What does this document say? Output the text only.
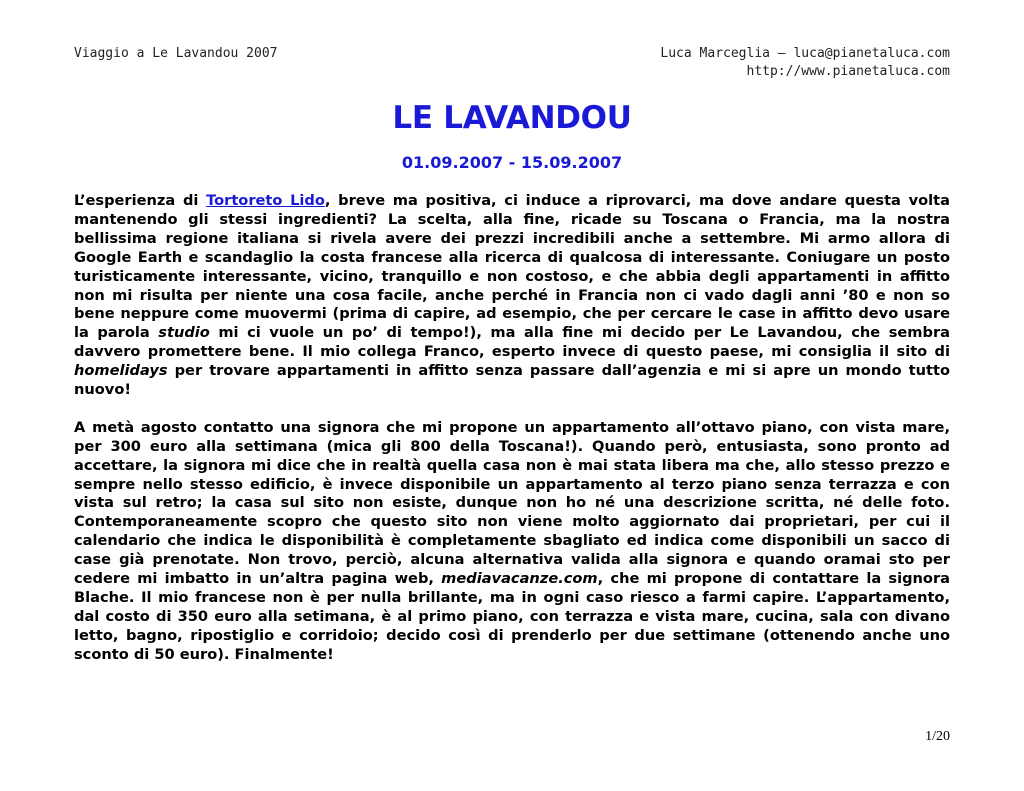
Viaggio a Le Lavandou 2007	Luca Marceglia – luca@pianetaluca.com
http://www.pianetaluca.com
LE LAVANDOU
01.09.2007 - 15.09.2007

L’esperienza di Tortoreto Lido, breve ma positiva, ci induce a riprovarci, ma dove andare questa volta mantenendo gli stessi ingredienti? La scelta, alla fine, ricade su Toscana o Francia, ma la nostra bellissima regione italiana si rivela avere dei prezzi incredibili anche a settembre. Mi armo allora di Google Earth e scandaglio la costa francese alla ricerca di qualcosa di interessante. Coniugare un posto turisticamente interessante, vicino, tranquillo e non costoso, e che abbia degli appartamenti in affitto non mi risulta per niente una cosa facile, anche perché in Francia non ci vado dagli anni ’80 e non so bene neppure come muovermi (prima di capire, ad esempio, che per cercare le case in affitto devo usare la parola studio mi ci vuole un po’ di tempo!), ma alla fine mi decido per Le Lavandou, che sembra davvero promettere bene. Il mio collega Franco, esperto invece di questo paese, mi consiglia il sito di homelidays per trovare appartamenti in affitto senza passare dall’agenzia e mi si apre un mondo tutto nuovo!

A metà agosto contatto una signora che mi propone un appartamento all’ottavo piano, con vista mare, per 300 euro alla settimana (mica gli 800 della Toscana!). Quando però, entusiasta, sono pronto ad accettare, la signora mi dice che in realtà quella casa non è mai stata libera ma che, allo stesso prezzo e sempre nello stesso edificio, è invece disponibile un appartamento al terzo piano senza terrazza e con vista sul retro; la casa sul sito non esiste, dunque non ho né una descrizione scritta, né delle foto. Contemporaneamente scopro che questo sito non viene molto aggiornato dai proprietari, per cui il calendario che indica le disponibilità è completamente sbagliato ed indica come disponibili un sacco di case già prenotate. Non trovo, perciò, alcuna alternativa valida alla signora e quando oramai sto per cedere mi imbatto in un’altra pagina web, mediavacanze.com, che mi propone di contattare la signora Blache. Il mio francese non è per nulla brillante, ma in ogni caso riesco a farmi capire. L’appartamento, dal costo di 350 euro alla setimana, è al primo piano, con terrazza e vista mare, cucina, sala con divano letto, bagno, ripostiglio e corridoio; decido così di prenderlo per due settimane (ottenendo anche uno sconto di 50 euro). Finalmente!

1/20
